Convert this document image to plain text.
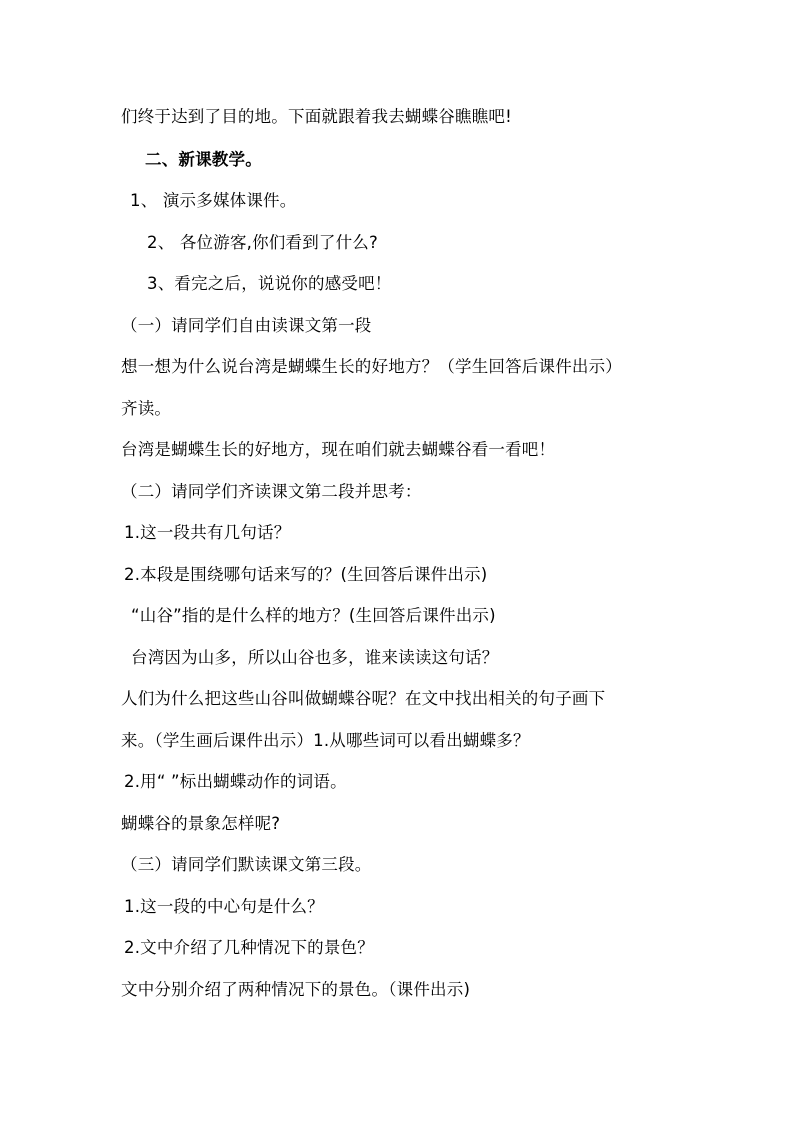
们终于达到了目的地。下面就跟着我去蝴蝶谷瞧瞧吧!
二、新课教学。
1、 演示多媒体课件。
2、 各位游客,你们看到了什么?
3、看完之后，说说你的感受吧！
（一）请同学们自由读课文第一段
想一想为什么说台湾是蝴蝶生长的好地方？（学生回答后课件出示）
齐读。
台湾是蝴蝶生长的好地方，现在咱们就去蝴蝶谷看一看吧！
（二）请同学们齐读课文第二段并思考：
1.这一段共有几句话？
2.本段是围绕哪句话来写的？(生回答后课件出示)
“山谷”指的是什么样的地方？(生回答后课件出示)
台湾因为山多，所以山谷也多，谁来读读这句话？
人们为什么把这些山谷叫做蝴蝶谷呢？在文中找出相关的句子画下
来。（学生画后课件出示）1.从哪些词可以看出蝴蝶多？
2.用“ ”标出蝴蝶动作的词语。
蝴蝶谷的景象怎样呢?
（三）请同学们默读课文第三段。
1.这一段的中心句是什么？
2.文中介绍了几种情况下的景色？
文中分别介绍了两种情况下的景色。（课件出示)
